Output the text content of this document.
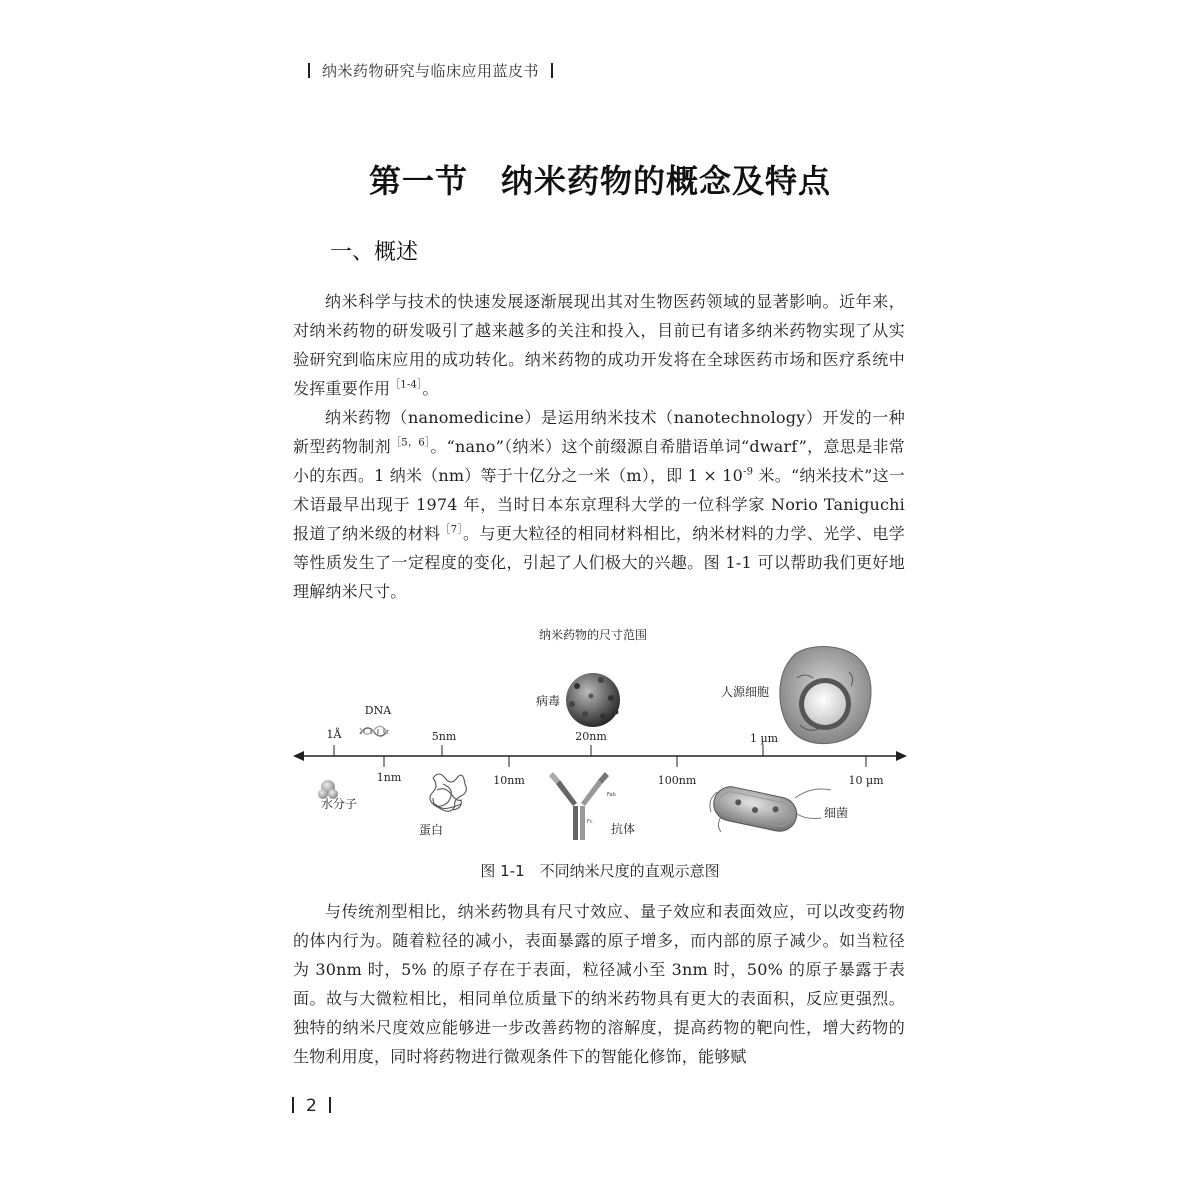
纳米药物研究与临床应用蓝皮书
第一节　纳米药物的概念及特点
一、概述

纳米科学与技术的快速发展逐渐展现出其对生物医药领域的显著影响。近年来，对纳米药物的研发吸引了越来越多的关注和投入，目前已有诸多纳米药物实现了从实验研究到临床应用的成功转化。纳米药物的成功开发将在全球医药市场和医疗系统中发挥重要作用$^{[1-4]}$。

纳米药物（nanomedicine）是运用纳米技术（nanotechnology）开发的一种新型药物制剂$^{[5,6]}$。“nano”（纳米）这个前缀源自希腊语单词“dwarf”，意思是非常小的东西。1 纳米（nm）等于十亿分之一米（m），即 $1 \times 10^{-9}$ 米。“纳米技术”这一术语最早出现于 1974 年，当时日本东京理科大学的一位科学家 Norio Taniguchi 报道了纳米级的材料$^{[7]}$。与更大粒径的相同材料相比，纳米材料的力学、光学、电学等性质发生了一定程度的变化，引起了人们极大的兴趣。图 1-1 可以帮助我们更好地理解纳米尺寸。

纳米药物的尺寸范围
1Å	5nm	20nm	1 µm
1nm	10nm	100nm	10 µm
DNA
病毒
人源细胞
水分子
蛋白
Fab
Fc 抗体
细菌
图 1-1　不同纳米尺度的直观示意图

与传统剂型相比，纳米药物具有尺寸效应、量子效应和表面效应，可以改变药物的体内行为。随着粒径的减小，表面暴露的原子增多，而内部的原子减少。如当粒径为 30nm 时，5% 的原子存在于表面，粒径减小至 3nm 时，50% 的原子暴露于表面。故与大微粒相比，相同单位质量下的纳米药物具有更大的表面积，反应更强烈。独特的纳米尺度效应能够进一步改善药物的溶解度，提高药物的靶向性，增大药物的生物利用度，同时将药物进行微观条件下的智能化修饰，能够赋

2
